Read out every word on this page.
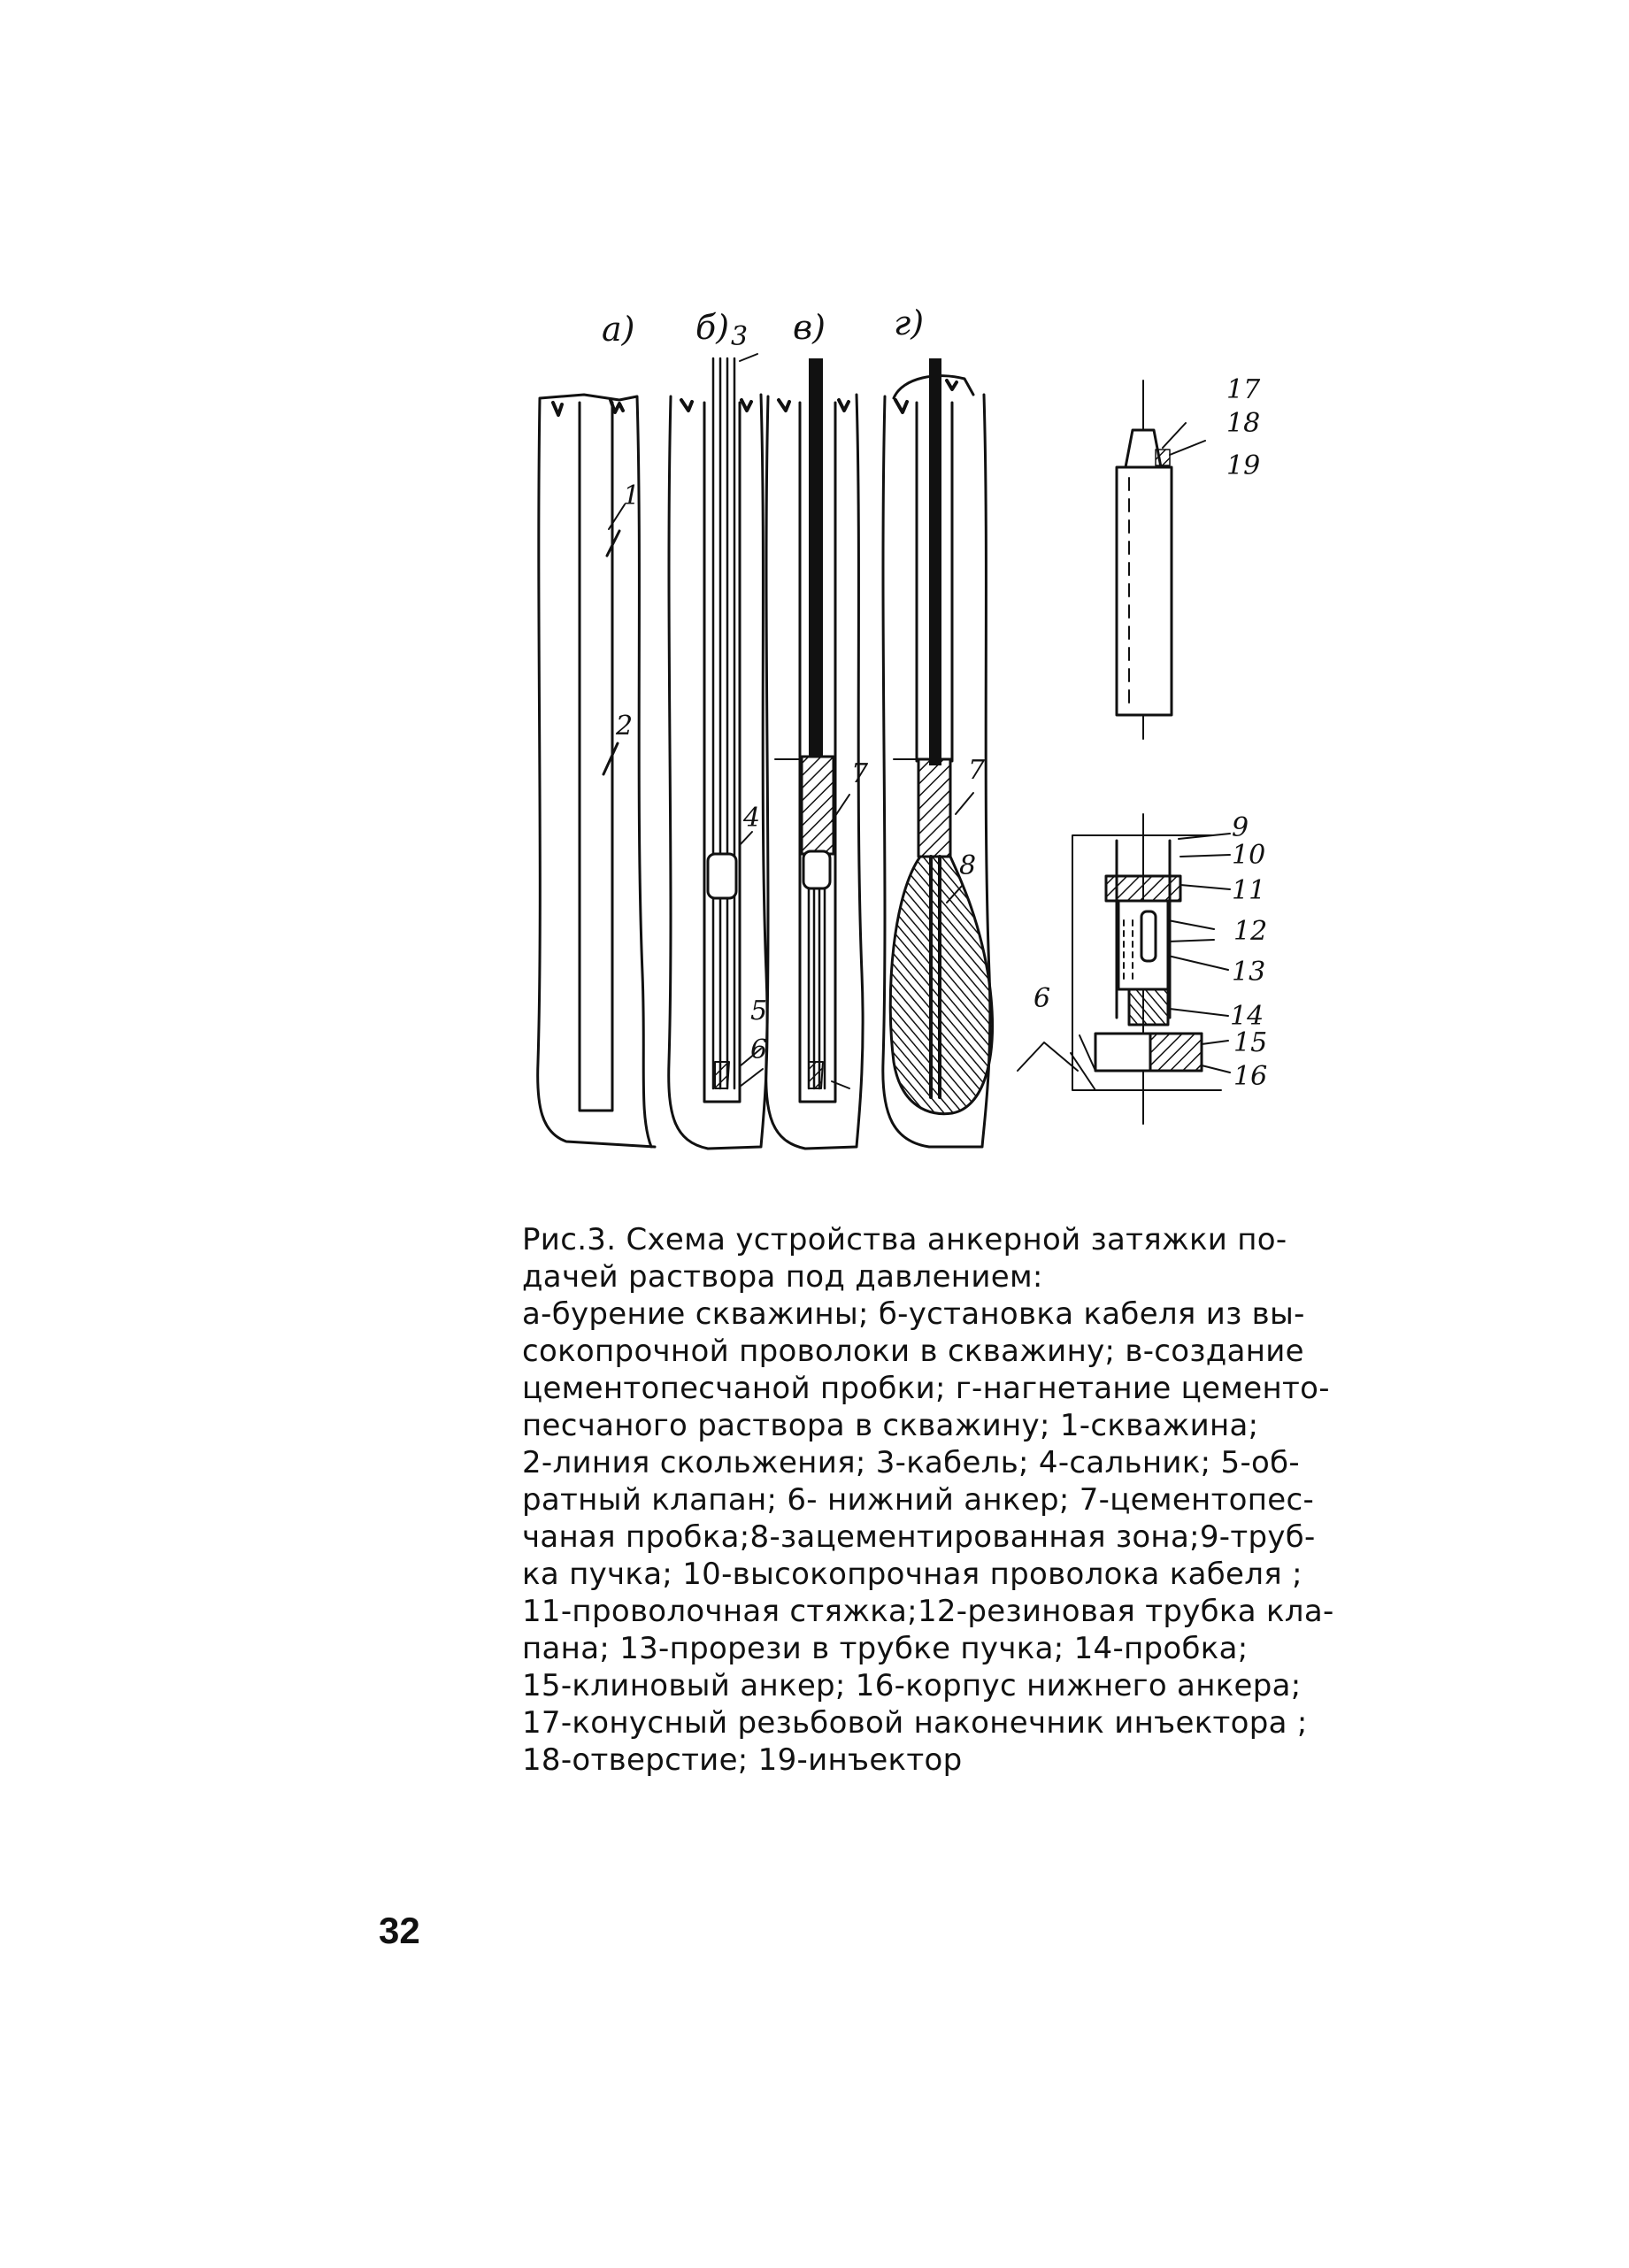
а) б) в) г)
1
2
3
4
5
6
6
7	7
8
9
10
11
12
13
14
15
16
17
18
19
Рис.3. Схема устройства анкерной затяжки по-
дачей раствора под давлением:
а-бурение скважины; б-установка кабеля из вы-
сокопрочной проволоки в скважину; в-создание
цементопесчаной пробки; г-нагнетание цементо-
песчаного раствора в скважину; 1-скважина;
2-линия скольжения; 3-кабель; 4-сальник; 5-об-
ратный клапан; 6- нижний анкер; 7-цементопес-
чаная пробка;8-зацементированная зона;9-труб-
ка пучка; 10-высокопрочная проволока кабеля ;
11-проволочная стяжка;12-резиновая трубка кла-
пана; 13-прорези в трубке пучка; 14-пробка;
15-клиновый анкер; 16-корпус нижнего анкера;
17-конусный резьбовой наконечник инъектора ;
18-отверстие; 19-инъектор
32
